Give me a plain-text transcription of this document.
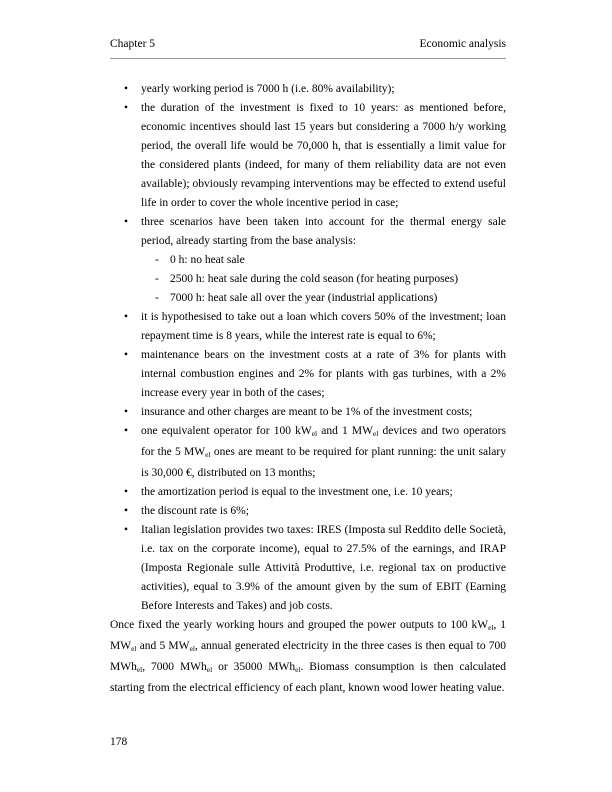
Chapter 5	Economic analysis
• yearly working period is 7000 h (i.e. 80% availability);
• the duration of the investment is fixed to 10 years: as mentioned before, economic incentives should last 15 years but considering a 7000 h/y working period, the overall life would be 70,000 h, that is essentially a limit value for the considered plants (indeed, for many of them reliability data are not even available); obviously revamping interventions may be effected to extend useful life in order to cover the whole incentive period in case;
• three scenarios have been taken into account for the thermal energy sale period, already starting from the base analysis:
- 0 h: no heat sale
- 2500 h: heat sale during the cold season (for heating purposes)
- 7000 h: heat sale all over the year (industrial applications)
• it is hypothesised to take out a loan which covers 50% of the investment; loan repayment time is 8 years, while the interest rate is equal to 6%;
• maintenance bears on the investment costs at a rate of 3% for plants with internal combustion engines and 2% for plants with gas turbines, with a 2% increase every year in both of the cases;
• insurance and other charges are meant to be 1% of the investment costs;
• one equivalent operator for 100 $kW_{el}$ and 1 $MW_{el}$ devices and two operators for the 5 $MW_{el}$ ones are meant to be required for plant running: the unit salary is 30,000 €, distributed on 13 months;
• the amortization period is equal to the investment one, i.e. 10 years;
• the discount rate is 6%;
• Italian legislation provides two taxes: IRES (Imposta sul Reddito delle Società, i.e. tax on the corporate income), equal to 27.5% of the earnings, and IRAP (Imposta Regionale sulle Attività Produttive, i.e. regional tax on productive activities), equal to 3.9% of the amount given by the sum of EBIT (Earning Before Interests and Takes) and job costs.
Once fixed the yearly working hours and grouped the power outputs to 100 $kW_{el}$, 1 $MW_{el}$ and 5 $MW_{el}$, annual generated electricity in the three cases is then equal to 700 MWh$_{el}$, 7000 MWh$_{el}$ or 35000 MWh$_{el}$. Biomass consumption is then calculated starting from the electrical efficiency of each plant, known wood lower heating value.
178
